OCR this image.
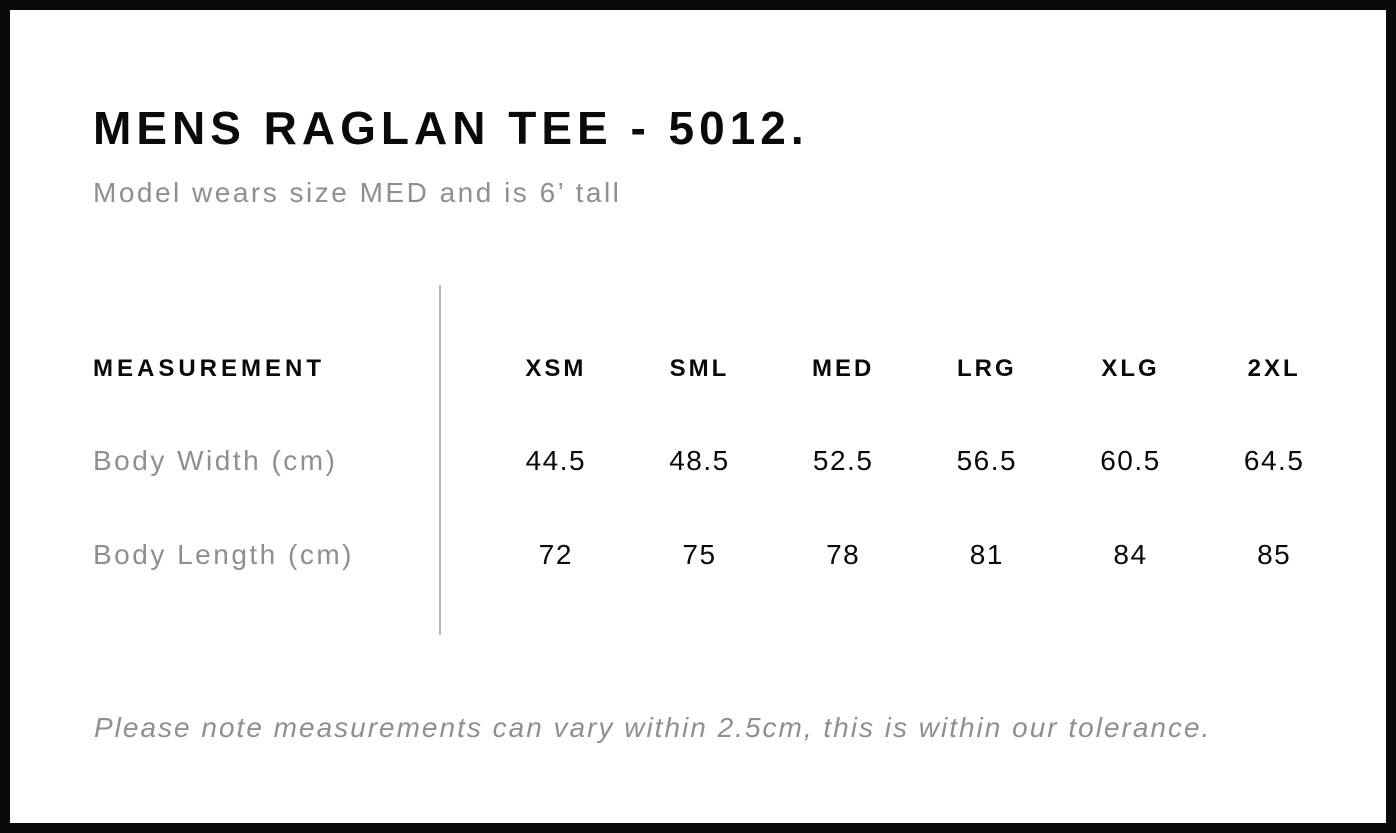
MENS RAGLAN TEE - 5012.
Model wears size MED and is 6’ tall
MEASUREMENT	XSM	SML	MED	LRG	XLG	2XL
Body Width (cm)	44.5	48.5	52.5	56.5	60.5	64.5
Body Length (cm)	72	75	78	81	84	85
Please note measurements can vary within 2.5cm, this is within our tolerance.
